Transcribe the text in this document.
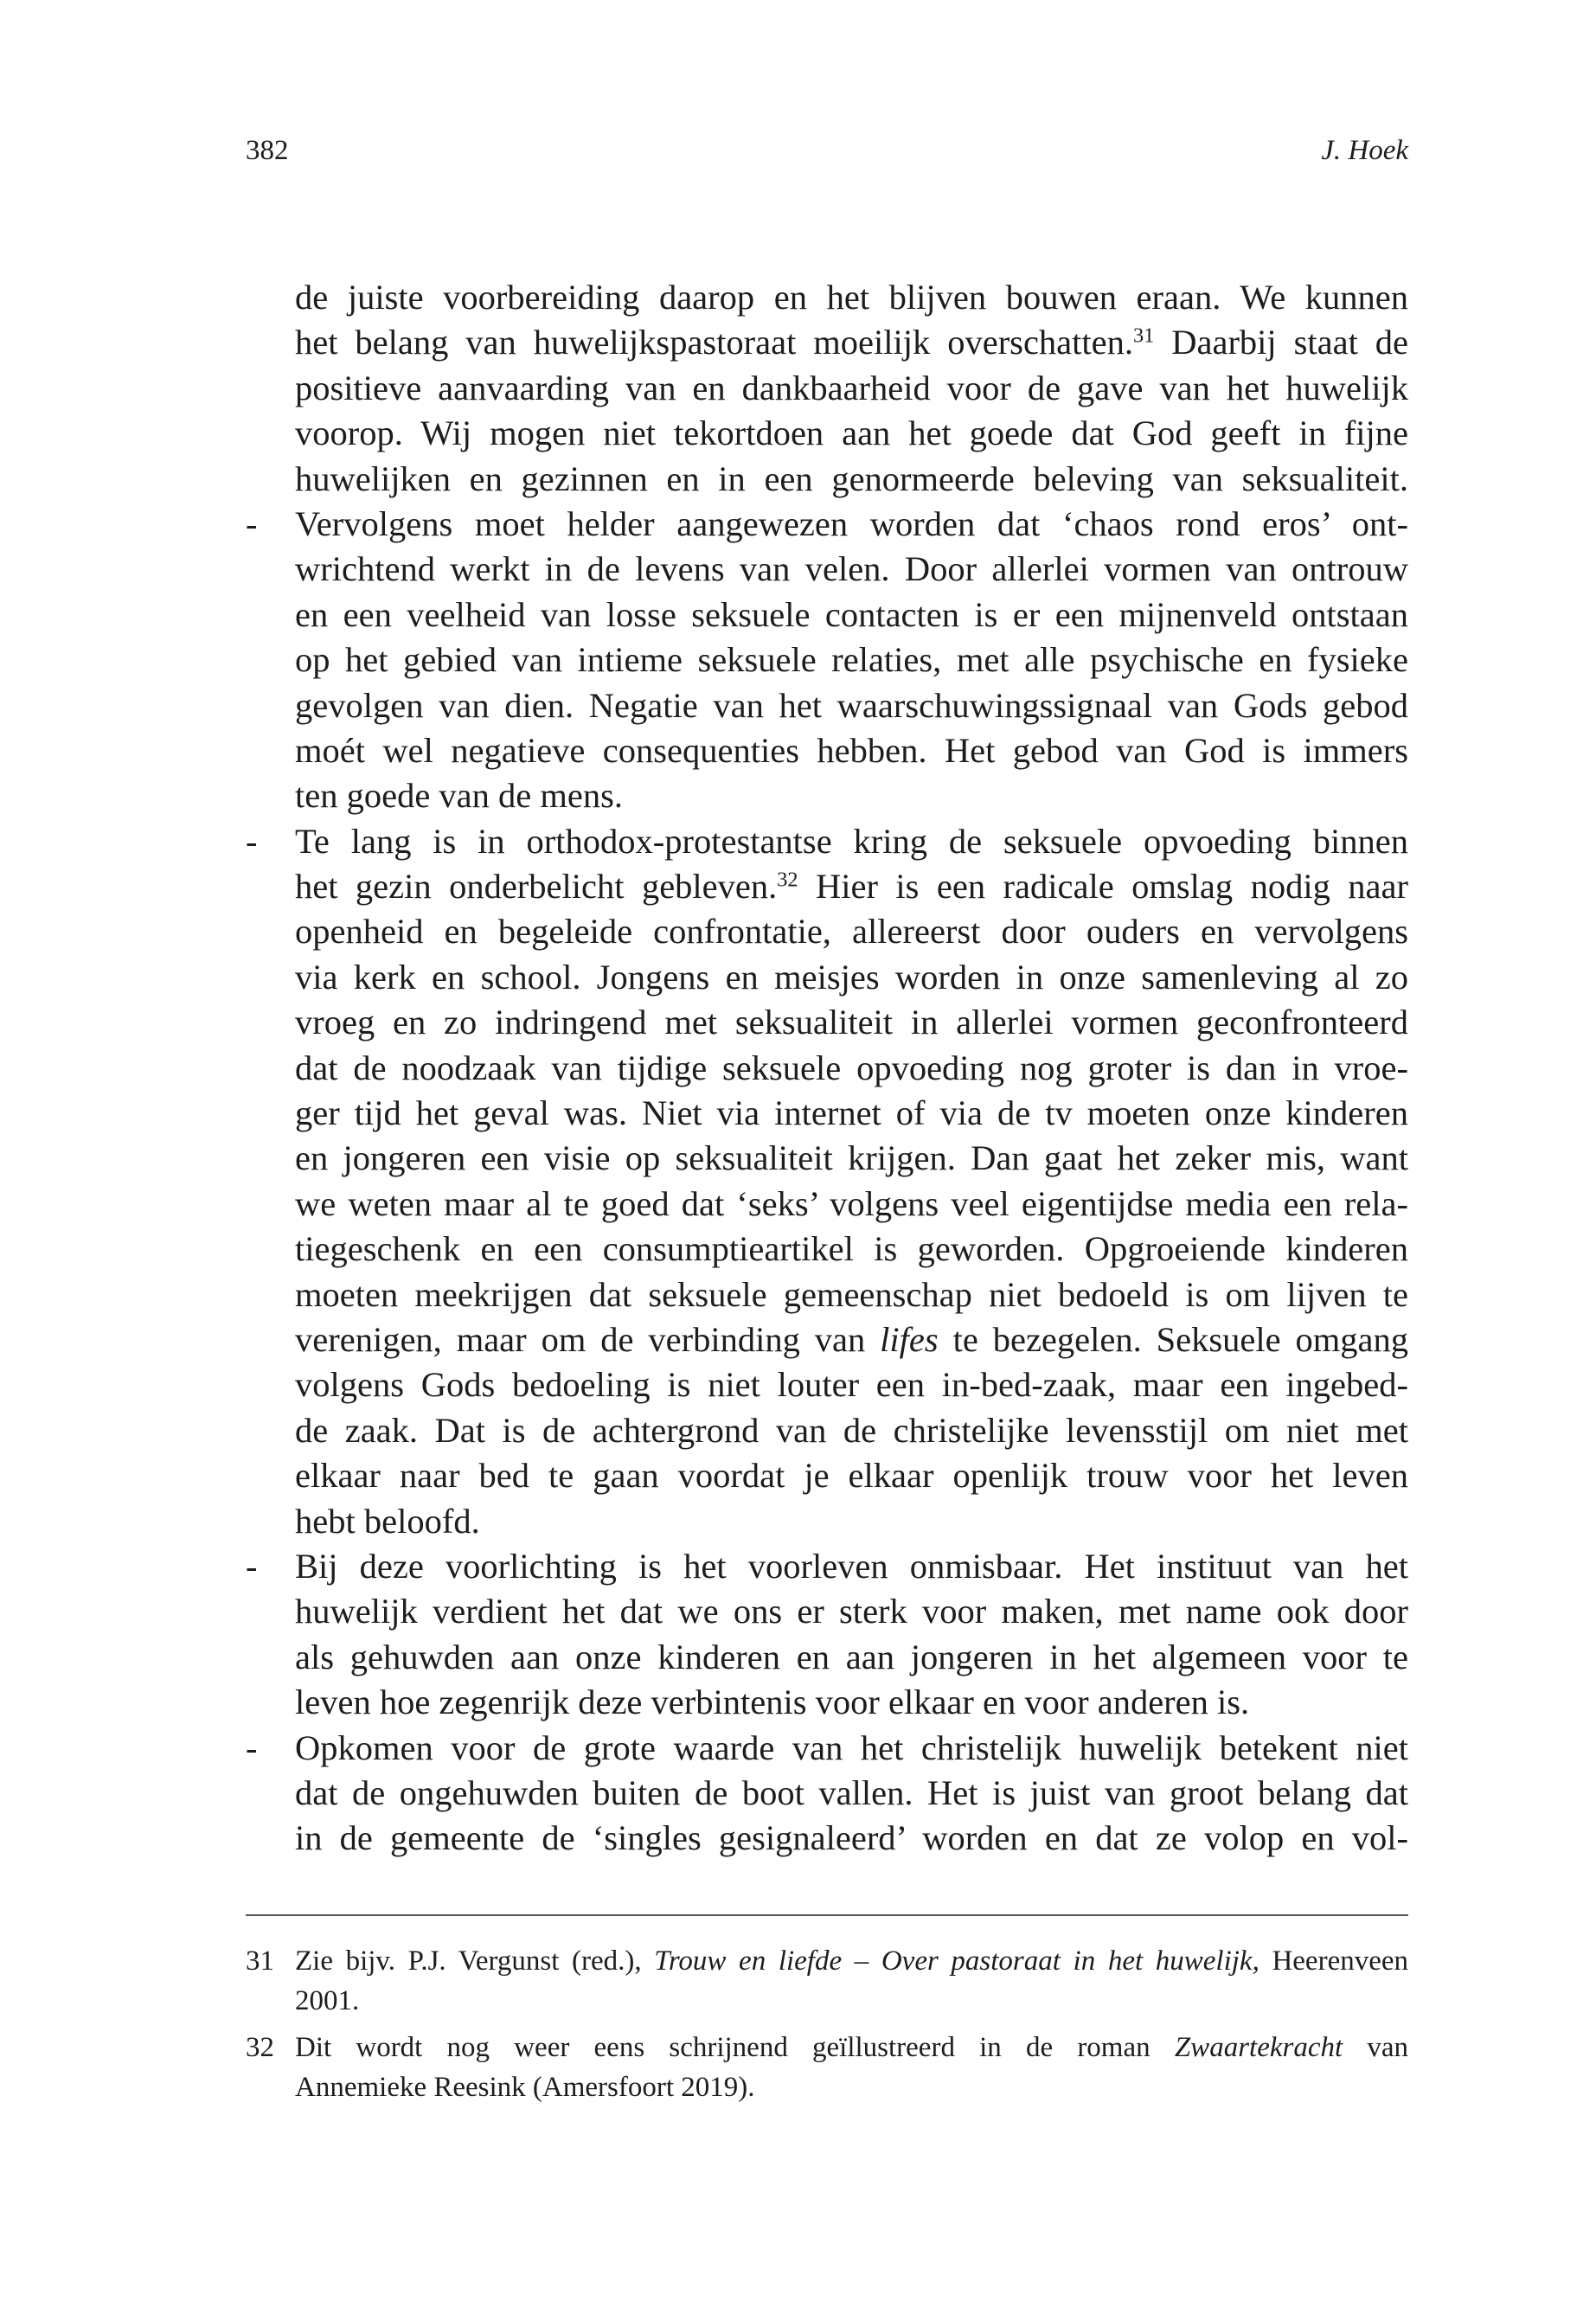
382	J. Hoek
de juiste voorbereiding daarop en het blijven bouwen eraan. We kunnen
het belang van huwelijkspastoraat moeilijk overschatten.$^{31}$ Daarbij staat de
positieve aanvaarding van en dankbaarheid voor de gave van het huwelijk
voorop. Wij mogen niet tekortdoen aan het goede dat God geeft in fijne
huwelijken en gezinnen en in een genormeerde beleving van seksualiteit.
-	Vervolgens moet helder aangewezen worden dat ‘chaos rond eros’ ont-
wrichtend werkt in de levens van velen. Door allerlei vormen van ontrouw
en een veelheid van losse seksuele contacten is er een mijnenveld ontstaan
op het gebied van intieme seksuele relaties, met alle psychische en fysieke
gevolgen van dien. Negatie van het waarschuwingssignaal van Gods gebod
moét wel negatieve consequenties hebben. Het gebod van God is immers
ten goede van de mens.
-	Te lang is in orthodox-protestantse kring de seksuele opvoeding binnen
het gezin onderbelicht gebleven.$^{32}$ Hier is een radicale omslag nodig naar
openheid en begeleide confrontatie, allereerst door ouders en vervolgens
via kerk en school. Jongens en meisjes worden in onze samenleving al zo
vroeg en zo indringend met seksualiteit in allerlei vormen geconfronteerd
dat de noodzaak van tijdige seksuele opvoeding nog groter is dan in vroe-
ger tijd het geval was. Niet via internet of via de tv moeten onze kinderen
en jongeren een visie op seksualiteit krijgen. Dan gaat het zeker mis, want
we weten maar al te goed dat ‘seks’ volgens veel eigentijdse media een rela-
tiegeschenk en een consumptieartikel is geworden. Opgroeiende kinderen
moeten meekrijgen dat seksuele gemeenschap niet bedoeld is om lijven te
verenigen, maar om de verbinding van lifes te bezegelen. Seksuele omgang
volgens Gods bedoeling is niet louter een in-bed-zaak, maar een ingebed-
de zaak. Dat is de achtergrond van de christelijke levensstijl om niet met
elkaar naar bed te gaan voordat je elkaar openlijk trouw voor het leven
hebt beloofd.
-	Bij deze voorlichting is het voorleven onmisbaar. Het instituut van het
huwelijk verdient het dat we ons er sterk voor maken, met name ook door
als gehuwden aan onze kinderen en aan jongeren in het algemeen voor te
leven hoe zegenrijk deze verbintenis voor elkaar en voor anderen is.
-	Opkomen voor de grote waarde van het christelijk huwelijk betekent niet
dat de ongehuwden buiten de boot vallen. Het is juist van groot belang dat
in de gemeente de ‘singles gesignaleerd’ worden en dat ze volop en vol-
31 Zie bijv. P.J. Vergunst (red.), Trouw en liefde – Over pastoraat in het huwelijk, Heerenveen
2001.
32 Dit wordt nog weer eens schrijnend geïllustreerd in de roman Zwaartekracht van
Annemieke Reesink (Amersfoort 2019).
